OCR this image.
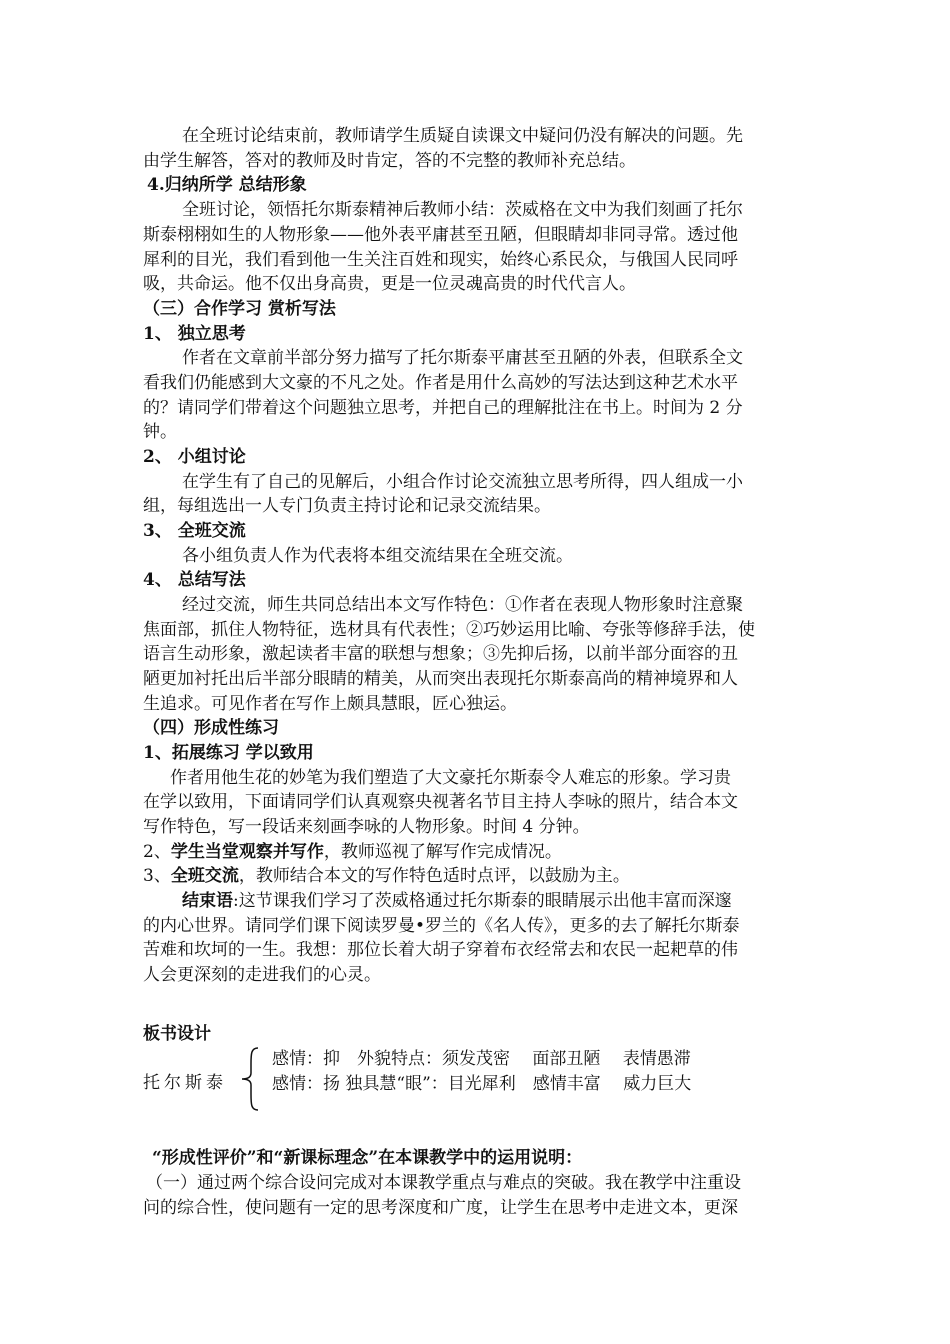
在全班讨论结束前，教师请学生质疑自读课文中疑问仍没有解决的问题。先
由学生解答，答对的教师及时肯定，答的不完整的教师补充总结。
4.归纳所学 总结形象
全班讨论，领悟托尔斯泰精神后教师小结：茨威格在文中为我们刻画了托尔
斯泰栩栩如生的人物形象——他外表平庸甚至丑陋，但眼睛却非同寻常。透过他
犀利的目光，我们看到他一生关注百姓和现实，始终心系民众，与俄国人民同呼
吸，共命运。他不仅出身高贵，更是一位灵魂高贵的时代代言人。
（三）合作学习 赏析写法
1、 独立思考
作者在文章前半部分努力描写了托尔斯泰平庸甚至丑陋的外表，但联系全文
看我们仍能感到大文豪的不凡之处。作者是用什么高妙的写法达到这种艺术水平
的？请同学们带着这个问题独立思考，并把自己的理解批注在书上。时间为 2 分
钟。
2、 小组讨论
在学生有了自己的见解后，小组合作讨论交流独立思考所得，四人组成一小
组，每组选出一人专门负责主持讨论和记录交流结果。
3、 全班交流
各小组负责人作为代表将本组交流结果在全班交流。
4、 总结写法
经过交流，师生共同总结出本文写作特色：①作者在表现人物形象时注意聚
焦面部，抓住人物特征，选材具有代表性；②巧妙运用比喻、夸张等修辞手法，使
语言生动形象，激起读者丰富的联想与想象；③先抑后扬，以前半部分面容的丑
陋更加衬托出后半部分眼睛的精美，从而突出表现托尔斯泰高尚的精神境界和人
生追求。可见作者在写作上颇具慧眼，匠心独运。
（四）形成性练习
1、拓展练习 学以致用
作者用他生花的妙笔为我们塑造了大文豪托尔斯泰令人难忘的形象。学习贵
在学以致用，下面请同学们认真观察央视著名节目主持人李咏的照片，结合本文
写作特色，写一段话来刻画李咏的人物形象。时间 4 分钟。
2、学生当堂观察并写作，教师巡视了解写作完成情况。
3、全班交流，教师结合本文的写作特色适时点评，以鼓励为主。
结束语:这节课我们学习了茨威格通过托尔斯泰的眼睛展示出他丰富而深邃
的内心世界。请同学们课下阅读罗曼•罗兰的《名人传》，更多的去了解托尔斯泰
苦难和坎坷的一生。我想：那位长着大胡子穿着布衣经常去和农民一起耙草的伟
人会更深刻的走进我们的心灵。
板书设计
托尔斯泰
感情：抑　外貌特点：须发茂密　 面部丑陋　 表情愚滞
感情：扬 独具慧“眼”：目光犀利　感情丰富　 威力巨大
“形成性评价”和“新课标理念”在本课教学中的运用说明：
（一）通过两个综合设问完成对本课教学重点与难点的突破。我在教学中注重设
问的综合性，使问题有一定的思考深度和广度，让学生在思考中走进文本，更深
